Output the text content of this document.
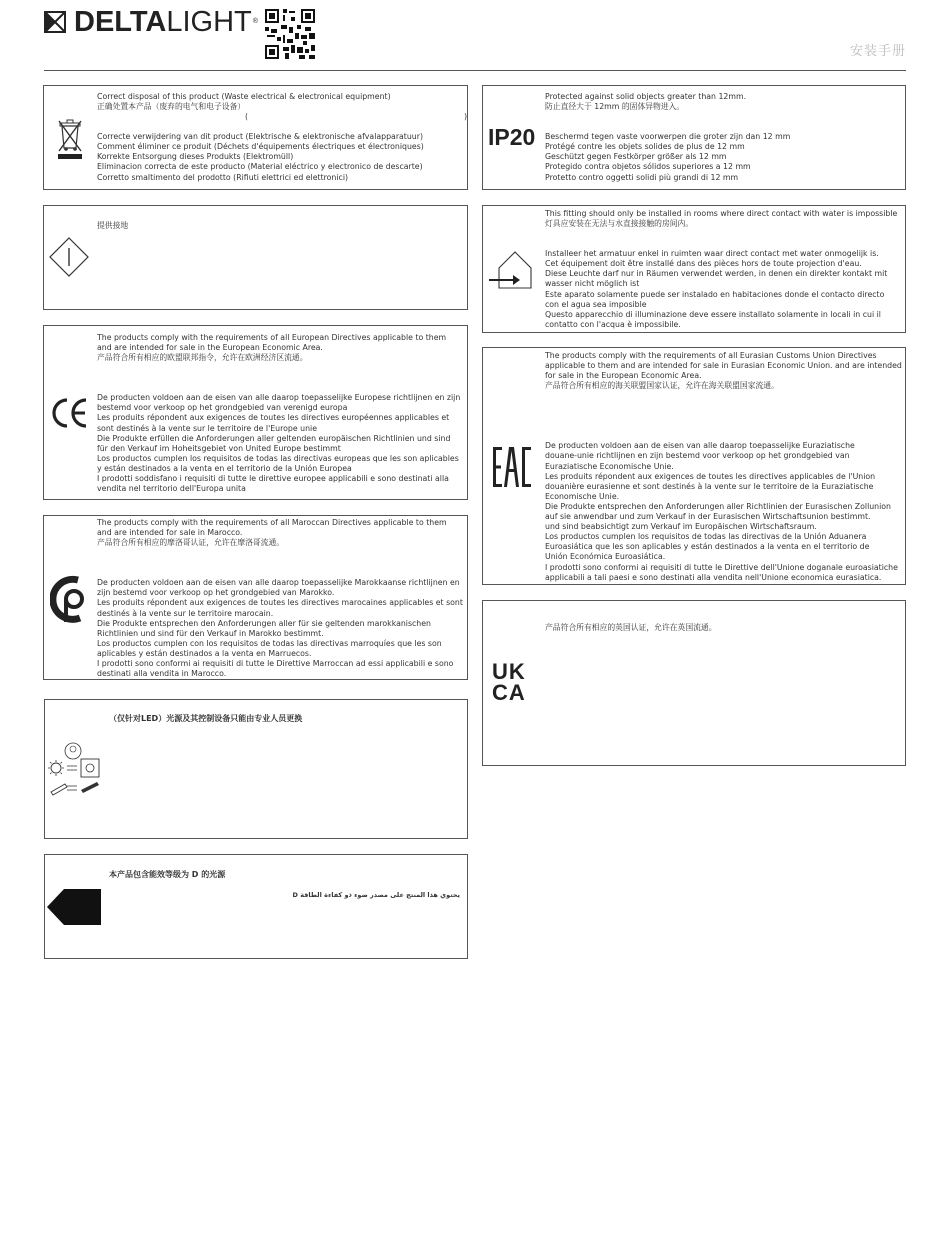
DELTALIGHT®
安装手册

Correct disposal of this product (Waste electrical & electronical equipment)

正确处置本产品（废弃的电气和电子设备）

(	)

Correcte verwijdering van dit product (Elektrische & elektronische afvalapparatuur)

Comment éliminer ce produit (Déchets d'équipements électriques et électroniques)

Korrekte Entsorgung dieses Produkts (Elektromüll)

Eliminacion correcta de este producto (Material eléctrico y electronico de descarte)

Corretto smaltimento del prodotto (Rifiuti elettrici ed elettronici)

IP20

Protected against solid objects greater than 12mm.

防止直径大于 12mm 的固体异物进入。

Beschermd tegen vaste voorwerpen die groter zijn dan 12 mm

Protégé contre les objets solides de plus de 12 mm

Geschützt gegen Festkörper größer als 12 mm

Protegido contra objetos sólidos superiores a 12 mm

Protetto contro oggetti solidi più grandi di 12 mm

提供接地

This fitting should only be installed in rooms where direct contact with water is impossible

灯具应安装在无法与水直接接触的房间内。

Installeer het armatuur enkel in ruimten waar direct contact met water onmogelijk is.

Cet équipement doit être installé dans des pièces hors de toute projection d'eau.

Diese Leuchte darf nur in Räumen verwendet werden, in denen ein direkter kontakt mit

wasser nicht möglich ist

Este aparato solamente puede ser instalado en habitaciones donde el contacto directo

con el agua sea imposible

Questo apparecchio di illuminazione deve essere installato solamente in locali in cui il

contatto con l'acqua è impossibile.

The products comply with the requirements of all European Directives applicable to them

and are intended for sale in the European Economic Area.

产品符合所有相应的欧盟联邦指令，允许在欧洲经济区流通。

De producten voldoen aan de eisen van alle daarop toepasselijke Europese richtlijnen en zijn

bestemd voor verkoop op het grondgebied van verenigd europa

Les produits répondent aux exigences de toutes les directives européennes applicables et

sont destinés à la vente sur le territoire de l'Europe unie

Die Produkte erfüllen die Anforderungen aller geltenden europäischen Richtlinien und sind

für den Verkauf im Hoheitsgebiet von United Europe bestimmt

Los productos cumplen los requisitos de todas las directivas europeas que les son aplicables

y están destinados a la venta en el territorio de la Unión Europea

I prodotti soddisfano i requisiti di tutte le direttive europee applicabili e sono destinati alla

vendita nel territorio dell'Europa unita

The products comply with the requirements of all Eurasian Customs Union Directives

applicable to them and are intended for sale in Eurasian Economic Union. and are intended

for sale in the European Economic Area.

产品符合所有相应的海关联盟国家认证，允许在海关联盟国家流通。

De producten voldoen aan de eisen van alle daarop toepasselijke Euraziatische

douane-unie richtlijnen en zijn bestemd voor verkoop op het grondgebied van

Euraziatische Economische Unie.

Les produits répondent aux exigences de toutes les directives applicables de l'Union

douanière eurasienne et sont destinés à la vente sur le territoire de la Euraziatische

Economische Unie.

Die Produkte entsprechen den Anforderungen aller Richtlinien der Eurasischen Zollunion

auf sie anwendbar und zum Verkauf in der Eurasischen Wirtschaftsunion bestimmt.

und sind beabsichtigt zum Verkauf im Europäischen Wirtschaftsraum.

Los productos cumplen los requisitos de todas las directivas de la Unión Aduanera

Euroasiática que les son aplicables y están destinados a la venta en el territorio de

Unión Económica Euroasiática.

I prodotti sono conformi ai requisiti di tutte le Direttive dell'Unione doganale euroasiatiche

applicabili a tali paesi e sono destinati alla vendita nell'Unione economica eurasiatica.

The products comply with the requirements of all Maroccan Directives applicable to them

and are intended for sale in Marocco.

产品符合所有相应的摩洛哥认证，允许在摩洛哥流通。

De producten voldoen aan de eisen van alle daarop toepasselijke Marokkaanse richtlijnen en

zijn bestemd voor verkoop op het grondgebied van Marokko.

Les produits répondent aux exigences de toutes les directives marocaines applicables et sont

destinés à la vente sur le territoire marocain.

Die Produkte entsprechen den Anforderungen aller für sie geltenden marokkanischen

Richtlinien und sind für den Verkauf in Marokko bestimmt.

Los productos cumplen con los requisitos de todas las directivas marroquíes que les son

aplicables y están destinados a la venta en Marruecos.

I prodotti sono conformi ai requisiti di tutte le Direttive Marroccan ad essi applicabili e sono

destinati alla vendita in Marocco.	UK
CA

产品符合所有相应的英国认证，允许在英国流通。

（仅针对LED）光源及其控制设备只能由专业人员更换

本产品包含能效等级为 D 的光源

يحتوي هذا المنتج على مصدر ضوء ذو كفاءة الطاقة D
